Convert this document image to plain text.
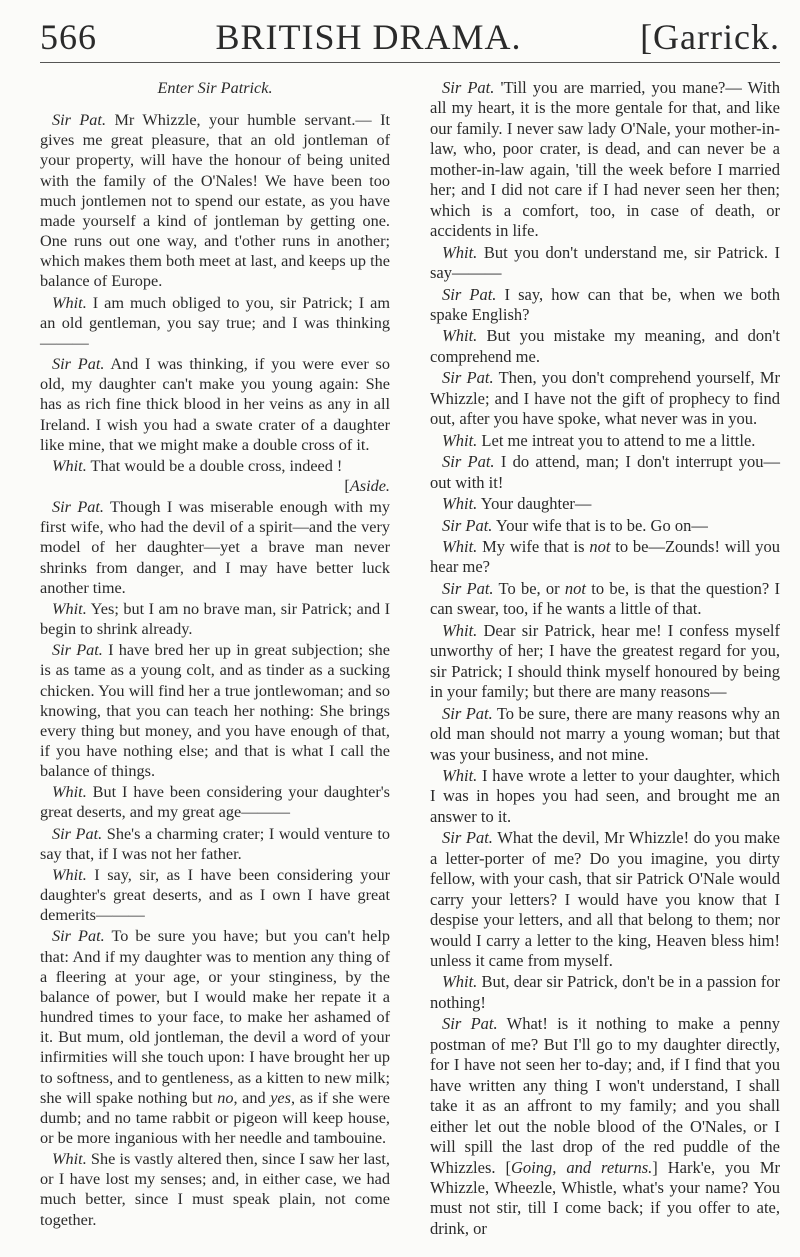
566	BRITISH DRAMA.	[Garrick.

Enter Sir Patrick.

Sir Pat. Mr Whizzle, your humble servant.— It gives me great pleasure, that an old jontleman of your property, will have the honour of being united with the family of the O'Nales! We have been too much jontlemen not to spend our estate, as you have made yourself a kind of jontleman by getting one. One runs out one way, and t'other runs in another; which makes them both meet at last, and keeps up the balance of Europe.

Whit. I am much obliged to you, sir Patrick; I am an old gentleman, you say true; and I was thinking———

Sir Pat. And I was thinking, if you were ever so old, my daughter can't make you young again: She has as rich fine thick blood in her veins as any in all Ireland. I wish you had a swate crater of a daughter like mine, that we might make a double cross of it.

Whit. That would be a double cross, indeed !
[Aside.

Sir Pat. Though I was miserable enough with my first wife, who had the devil of a spirit—and the very model of her daughter—yet a brave man never shrinks from danger, and I may have better luck another time.

Whit. Yes; but I am no brave man, sir Patrick; and I begin to shrink already.

Sir Pat. I have bred her up in great subjection; she is as tame as a young colt, and as tinder as a sucking chicken. You will find her a true jontlewoman; and so knowing, that you can teach her nothing: She brings every thing but money, and you have enough of that, if you have nothing else; and that is what I call the balance of things.

Whit. But I have been considering your daughter's great deserts, and my great age———

Sir Pat. She's a charming crater; I would venture to say that, if I was not her father.

Whit. I say, sir, as I have been considering your daughter's great deserts, and as I own I have great demerits———

Sir Pat. To be sure you have; but you can't help that: And if my daughter was to mention any thing of a fleering at your age, or your stinginess, by the balance of power, but I would make her repate it a hundred times to your face, to make her ashamed of it. But mum, old jontleman, the devil a word of your infirmities will she touch upon: I have brought her up to softness, and to gentleness, as a kitten to new milk; she will spake nothing but no, and yes, as if she were dumb; and no tame rabbit or pigeon will keep house, or be more inganious with her needle and tambouine.

Whit. She is vastly altered then, since I saw her last, or I have lost my senses; and, in either case, we had much better, since I must speak plain, not come together.

Sir Pat. 'Till you are married, you mane?— With all my heart, it is the more gentale for that, and like our family. I never saw lady O'Nale, your mother-in-law, who, poor crater, is dead, and can never be a mother-in-law again, 'till the week before I married her; and I did not care if I had never seen her then; which is a comfort, too, in case of death, or accidents in life.

Whit. But you don't understand me, sir Patrick. I say———

Sir Pat. I say, how can that be, when we both spake English?

Whit. But you mistake my meaning, and don't comprehend me.

Sir Pat. Then, you don't comprehend yourself, Mr Whizzle; and I have not the gift of prophecy to find out, after you have spoke, what never was in you.

Whit. Let me intreat you to attend to me a little.

Sir Pat. I do attend, man; I don't interrupt you—out with it!

Whit. Your daughter—

Sir Pat. Your wife that is to be. Go on—

Whit. My wife that is not to be—Zounds! will you hear me?

Sir Pat. To be, or not to be, is that the question? I can swear, too, if he wants a little of that.

Whit. Dear sir Patrick, hear me! I confess myself unworthy of her; I have the greatest regard for you, sir Patrick; I should think myself honoured by being in your family; but there are many reasons—

Sir Pat. To be sure, there are many reasons why an old man should not marry a young woman; but that was your business, and not mine.

Whit. I have wrote a letter to your daughter, which I was in hopes you had seen, and brought me an answer to it.

Sir Pat. What the devil, Mr Whizzle! do you make a letter-porter of me? Do you imagine, you dirty fellow, with your cash, that sir Patrick O'Nale would carry your letters? I would have you know that I despise your letters, and all that belong to them; nor would I carry a letter to the king, Heaven bless him! unless it came from myself.

Whit. But, dear sir Patrick, don't be in a passion for nothing!

Sir Pat. What! is it nothing to make a penny postman of me? But I'll go to my daughter directly, for I have not seen her to-day; and, if I find that you have written any thing I won't understand, I shall take it as an affront to my family; and you shall either let out the noble blood of the O'Nales, or I will spill the last drop of the red puddle of the Whizzles. [Going, and returns.] Hark'e, you Mr Whizzle, Wheezle, Whistle, what's your name? You must not stir, till I come back; if you offer to ate, drink, or
